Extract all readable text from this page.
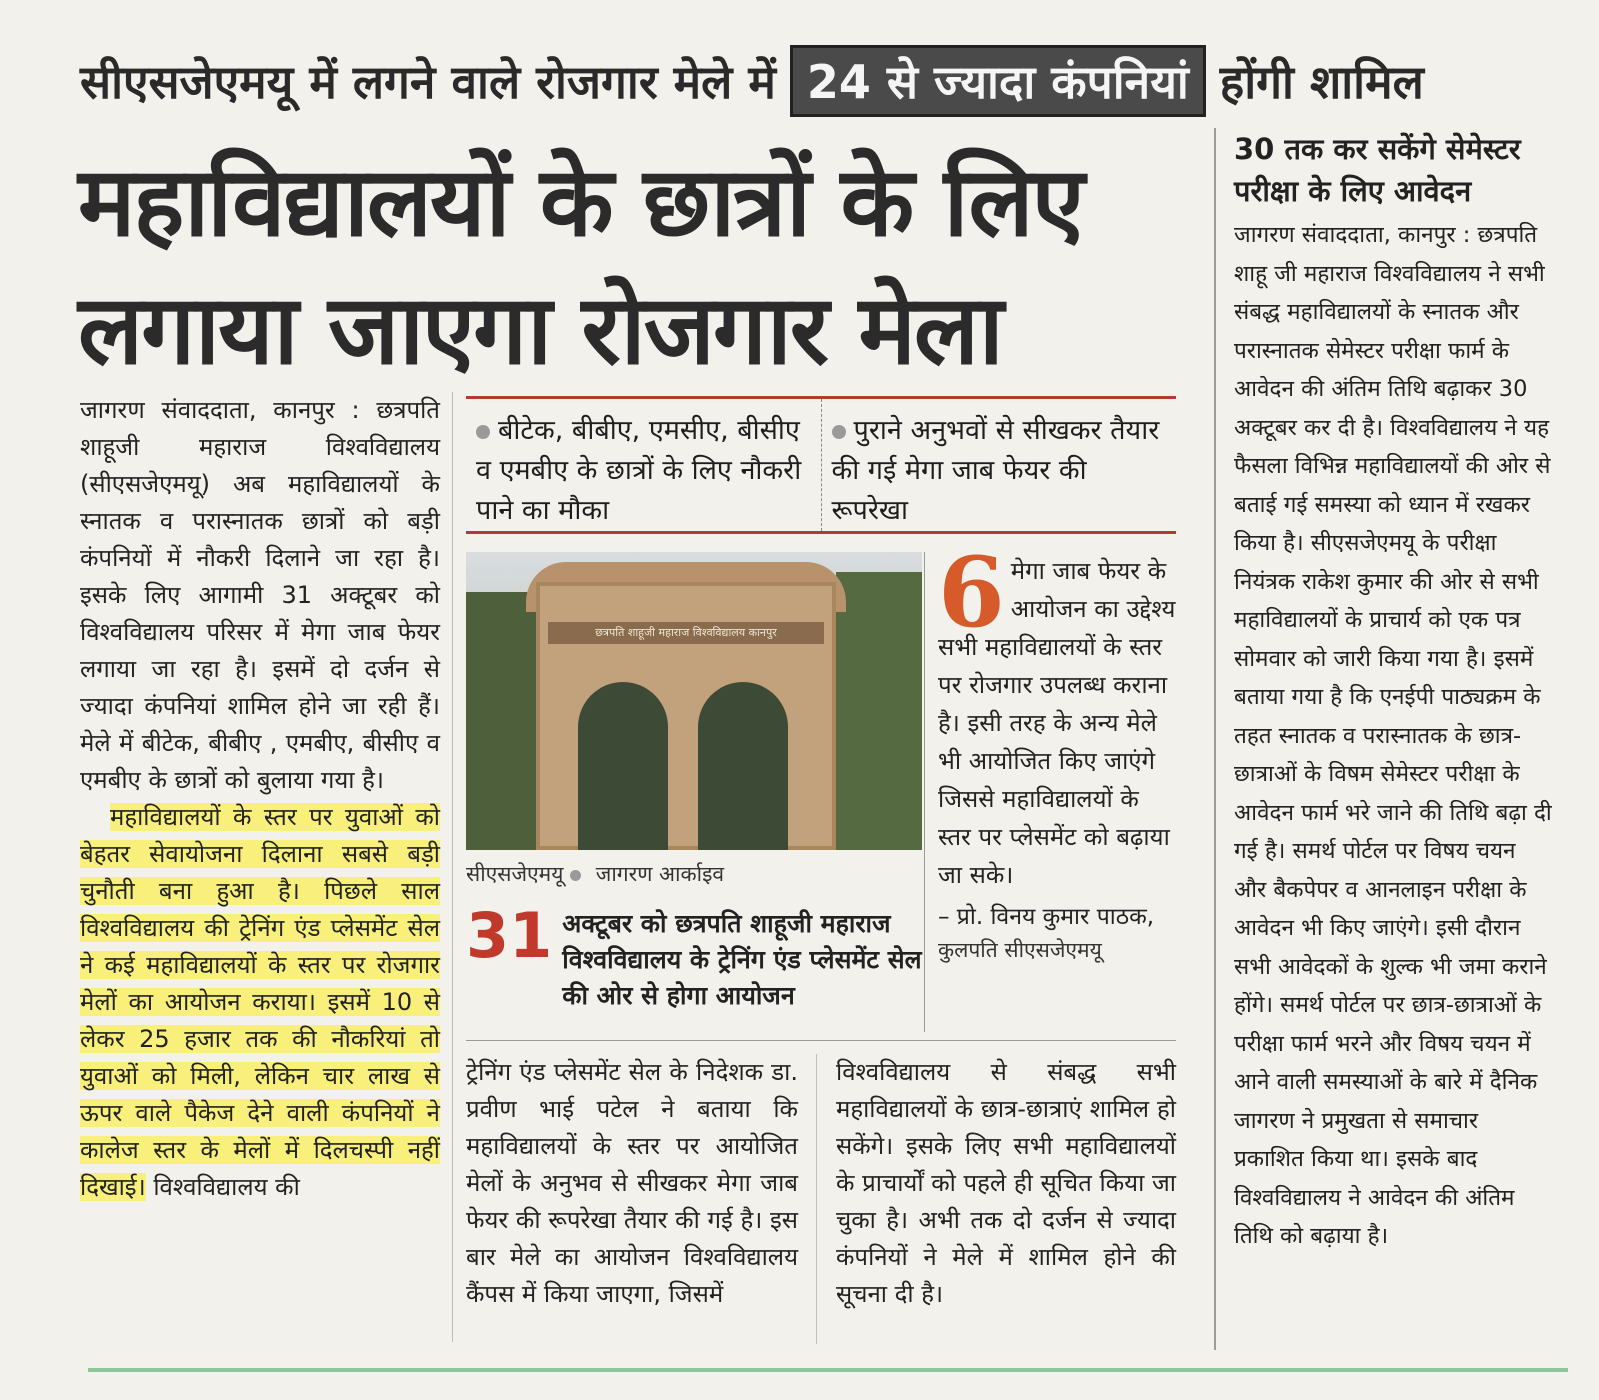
सीएसजेएमयू में लगने वाले रोजगार मेले में 24 से ज्यादा कंपनियां होंगी शामिल
महाविद्यालयों के छात्रों के लिए
लगाया जाएगा रोजगार मेला

जागरण संवाददाता, कानपुर : छत्रपति शाहूजी महाराज विश्वविद्यालय (सीएसजेएमयू) अब महाविद्यालयों के स्नातक व परास्नातक छात्रों को बड़ी कंपनियों में नौकरी दिलाने जा रहा है। इसके लिए आगामी 31 अक्टूबर को विश्वविद्यालय परिसर में मेगा जाब फेयर लगाया जा रहा है। इसमें दो दर्जन से ज्यादा कंपनियां शामिल होने जा रही हैं। मेले में बीटेक, बीबीए , एमबीए, बीसीए व एमबीए के छात्रों को बुलाया गया है।

महाविद्यालयों के स्तर पर युवाओं को बेहतर सेवायोजना दिलाना सबसे बड़ी चुनौती बना हुआ है। पिछले साल विश्वविद्यालय की ट्रेनिंग एंड प्लेसमेंट सेल ने कई महाविद्यालयों के स्तर पर रोजगार मेलों का आयोजन कराया। इसमें 10 से लेकर 25 हजार तक की नौकरियां तो युवाओं को मिली, लेकिन चार लाख से ऊपर वाले पैकेज देने वाली कंपनियों ने कालेज स्तर के मेलों में दिलचस्पी नहीं दिखाई। विश्वविद्यालय की

बीटेक, बीबीए, एमसीए, बीसीए व एमबीए के छात्रों के लिए नौकरी पाने का मौका
पुराने अनुभवों से सीखकर तैयार की गई मेगा जाब फेयर की रूपरेखा
छत्रपति शाहूजी महाराज विश्वविद्यालय कानपुर
सीएसजेएमयू जागरण आर्काइव
31 अक्टूबर को छत्रपति शाहूजी महाराज विश्वविद्यालय के ट्रेनिंग एंड प्लेसमेंट सेल की ओर से होगा आयोजन
6 मेगा जाब फेयर के आयोजन का उद्देश्य सभी महाविद्यालयों के स्तर पर रोजगार उपलब्ध कराना है। इसी तरह के अन्य मेले भी आयोजित किए जाएंगे जिससे महाविद्यालयों के स्तर पर प्लेसमेंट को बढ़ाया जा सके।
– प्रो. विनय कुमार पाठक,
कुलपति सीएसजेएमयू
ट्रेनिंग एंड प्लेसमेंट सेल के निदेशक डा. प्रवीण भाई पटेल ने बताया कि महाविद्यालयों के स्तर पर आयोजित मेलों के अनुभव से सीखकर मेगा जाब फेयर की रूपरेखा तैयार की गई है। इस बार मेले का आयोजन विश्वविद्यालय कैंपस में किया जाएगा, जिसमें
विश्वविद्यालय से संबद्ध सभी महाविद्यालयों के छात्र-छात्राएं शामिल हो सकेंगे। इसके लिए सभी महाविद्यालयों के प्राचार्यों को पहले ही सूचित किया जा चुका है। अभी तक दो दर्जन से ज्यादा कंपनियों ने मेले में शामिल होने की सूचना दी है।
30 तक कर सकेंगे सेमेस्टर परीक्षा के लिए आवेदन
जागरण संवाददाता, कानपुर : छत्रपति शाहू जी महाराज विश्वविद्यालय ने सभी संबद्ध महाविद्यालयों के स्नातक और परास्नातक सेमेस्टर परीक्षा फार्म के आवेदन की अंतिम तिथि बढ़ाकर 30 अक्टूबर कर दी है। विश्वविद्यालय ने यह फैसला विभिन्न महाविद्यालयों की ओर से बताई गई समस्या को ध्यान में रखकर किया है। सीएसजेएमयू के परीक्षा नियंत्रक राकेश कुमार की ओर से सभी महाविद्यालयों के प्राचार्य को एक पत्र सोमवार को जारी किया गया है। इसमें बताया गया है कि एनईपी पाठ्यक्रम के तहत स्नातक व परास्नातक के छात्र-छात्राओं के विषम सेमेस्टर परीक्षा के आवेदन फार्म भरे जाने की तिथि बढ़ा दी गई है। समर्थ पोर्टल पर विषय चयन और बैकपेपर व आनलाइन परीक्षा के आवेदन भी किए जाएंगे। इसी दौरान सभी आवेदकों के शुल्क भी जमा कराने होंगे। समर्थ पोर्टल पर छात्र-छात्राओं के परीक्षा फार्म भरने और विषय चयन में आने वाली समस्याओं के बारे में दैनिक जागरण ने प्रमुखता से समाचार प्रकाशित किया था। इसके बाद विश्वविद्यालय ने आवेदन की अंतिम तिथि को बढ़ाया है।
